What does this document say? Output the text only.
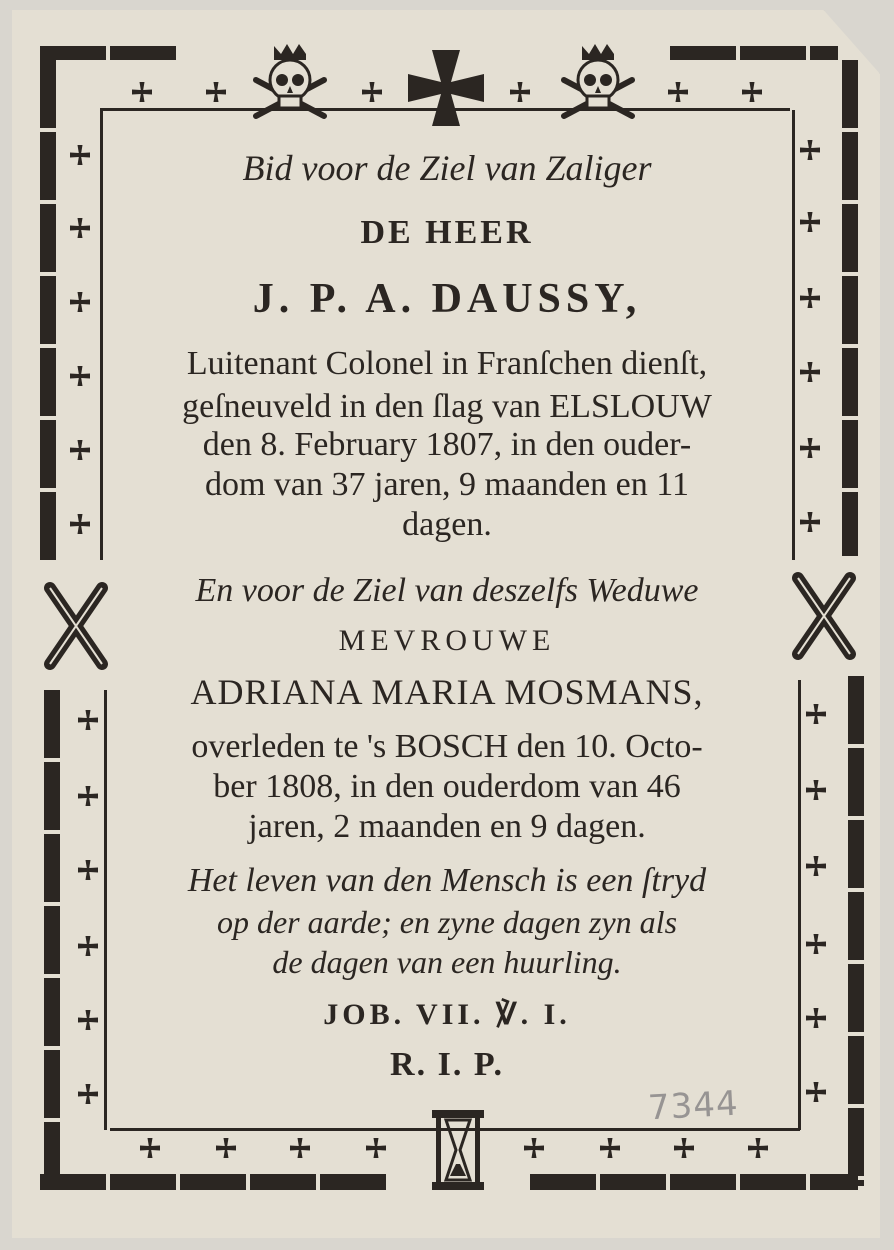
Bid voor de Ziel van Zaliger
DE HEER
J. P. A. DAUSSY,
Luitenant Colonel in Franſchen dienſt,
geſneuveld in den ſlag van ELSLOUW
den 8. February 1807, in den ouder-
dom van 37 jaren, 9 maanden en 11
dagen.
En voor de Ziel van deszelfs Weduwe
MEVROUWE
ADRIANA MARIA MOSMANS,
overleden te 's BOSCH den 10. Octo-
ber 1808, in den ouderdom van 46
jaren, 2 maanden en 9 dagen.
Het leven van den Mensch is een ſtryd
op der aarde; en zyne dagen zyn als
de dagen van een huurling.
JOB. VII. ℣. I.
R. I. P.
7344
